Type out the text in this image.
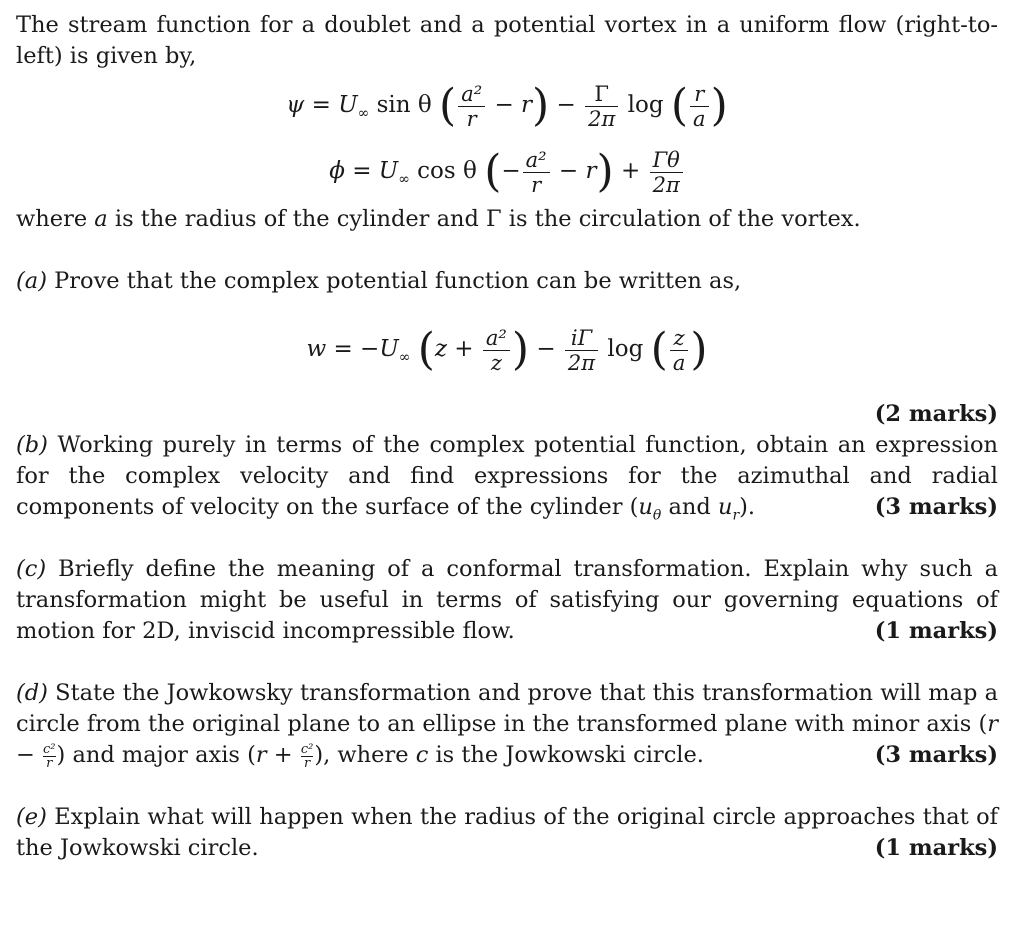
The stream function for a doublet and a potential vortex in a uniform flow (right-to-left) is given by,

$\psi = U_\infty$ sin θ ( $\frac{\text{a²}}{r} - r) - \frac{\Gamma}{2\pi}$ log ( $\frac{r}{a}$ )
$\phi = U_\infty$ cos θ (− $\frac{\text{a²}}{r} - r) + \frac{\Gamma\theta}{2\pi}$

where a is the radius of the cylinder and Γ is the circulation of the vortex.

(a) Prove that the complex potential function can be written as,

$w = -U_\infty$ ($z + \frac{\text{a²}}{z}$ ) − $\frac{i\Gamma}{2\pi}$ log ( $\frac{z}{a}$ )
(2 marks)

(b) Working purely in terms of the complex potential function, obtain an expression for the complex velocity and find expressions for the azimuthal and radial components of velocity on the surface of the cylinder ($u_\theta$ and $u_r$).	(3 marks)

(c) Briefly define the meaning of a conformal transformation. Explain why such a transformation might be useful in terms of satisfying our governing equations of motion for 2D, inviscid incompressible flow.	(1 marks)

(d) State the Jowkowsky transformation and prove that this transformation will map a circle from the original plane to an ellipse in the transformed plane with minor axis ($r - \frac{\text{c²}}{r}$ ) and major axis ($r + \frac{\text{c²}}{r}$ ), where c is the Jowkowski circle.	(3 marks)

(e) Explain what will happen when the radius of the original circle approaches that of the Jowkowski circle.	(1 marks)
